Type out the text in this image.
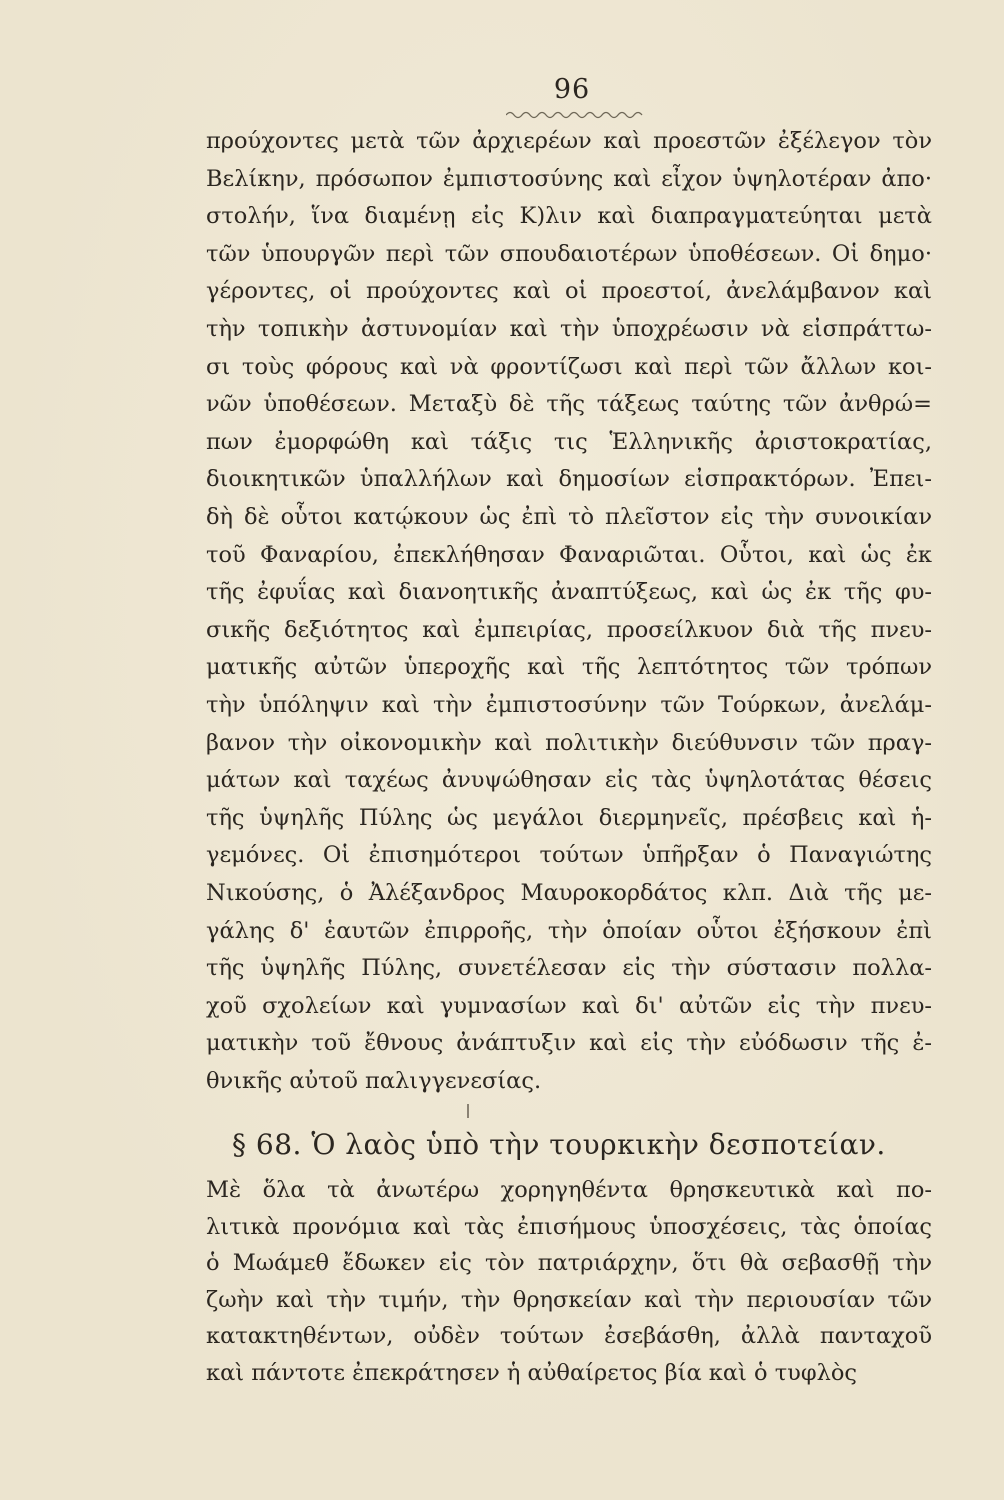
96
προύχοντες μετὰ τῶν ἀρχιερέων καὶ προεστῶν ἐξέλεγον τὸν
Βελίκην, πρόσωπον ἐμπιστοσύνης καὶ εἶχον ὑψηλοτέραν ἀπο·
στολήν, ἵνα διαμένῃ εἰς Κ)λιν καὶ διαπραγματεύηται μετὰ
τῶν ὑπουργῶν περὶ τῶν σπουδαιοτέρων ὑποθέσεων. Οἱ δημο·
γέροντες, οἱ προύχοντες καὶ οἱ προεστοί, ἀνελάμβανον καὶ
τὴν τοπικὴν ἀστυνομίαν καὶ τὴν ὑποχρέωσιν νὰ εἰσπράττω-
σι τοὺς φόρους καὶ νὰ φροντίζωσι καὶ περὶ τῶν ἄλλων κοι-
νῶν ὑποθέσεων. Μεταξὺ δὲ τῆς τάξεως ταύτης τῶν ἀνθρώ=
πων ἐμορφώθη καὶ τάξις τις Ἑλληνικῆς ἀριστοκρατίας,
διοικητικῶν ὑπαλλήλων καὶ δημοσίων εἰσπρακτόρων. Ἐπει-
δὴ δὲ οὗτοι κατῴκουν ὡς ἐπὶ τὸ πλεῖστον εἰς τὴν συνοικίαν
τοῦ Φαναρίου, ἐπεκλήθησαν Φαναριῶται. Οὗτοι, καὶ ὡς ἐκ
τῆς ἐφυΐας καὶ διανοητικῆς ἀναπτύξεως, καὶ ὡς ἐκ τῆς φυ-
σικῆς δεξιότητος καὶ ἐμπειρίας, προσείλκυον διὰ τῆς πνευ-
ματικῆς αὐτῶν ὑπεροχῆς καὶ τῆς λεπτότητος τῶν τρόπων
τὴν ὑπόληψιν καὶ τὴν ἐμπιστοσύνην τῶν Τούρκων, ἀνελάμ-
βανον τὴν οἰκονομικὴν καὶ πολιτικὴν διεύθυνσιν τῶν πραγ-
μάτων καὶ ταχέως ἀνυψώθησαν εἰς τὰς ὑψηλοτάτας θέσεις
τῆς ὑψηλῆς Πύλης ὡς μεγάλοι διερμηνεῖς, πρέσβεις καὶ ἡ-
γεμόνες. Οἱ ἐπισημότεροι τούτων ὑπῆρξαν ὁ Παναγιώτης
Νικούσης, ὁ Ἀλέξανδρος Μαυροκορδάτος κλπ. Διὰ τῆς με-
γάλης δ' ἑαυτῶν ἐπιρροῆς, τὴν ὁποίαν οὗτοι ἐξήσκουν ἐπὶ
τῆς ὑψηλῆς Πύλης, συνετέλεσαν εἰς τὴν σύστασιν πολλα-
χοῦ σχολείων καὶ γυμνασίων καὶ δι' αὐτῶν εἰς τὴν πνευ-
ματικὴν τοῦ ἔθνους ἀνάπτυξιν καὶ εἰς τὴν εὐόδωσιν τῆς ἐ-
θνικῆς αὐτοῦ παλιγγενεσίας.
§ 68. Ὁ λαὸς ὑπὸ τὴν τουρκικὴν δεσποτείαν.
Μὲ ὅλα τὰ ἀνωτέρω χορηγηθέντα θρησκευτικὰ καὶ πο-
λιτικὰ προνόμια καὶ τὰς ἐπισήμους ὑποσχέσεις, τὰς ὁποίας
ὁ Μωάμεθ ἔδωκεν εἰς τὸν πατριάρχην, ὅτι θὰ σεβασθῇ τὴν
ζωὴν καὶ τὴν τιμήν, τὴν θρησκείαν καὶ τὴν περιουσίαν τῶν
κατακτηθέντων, οὐδὲν τούτων ἐσεβάσθη, ἀλλὰ πανταχοῦ
καὶ πάντοτε ἐπεκράτησεν ἡ αὐθαίρετος βία καὶ ὁ τυφλὸς
